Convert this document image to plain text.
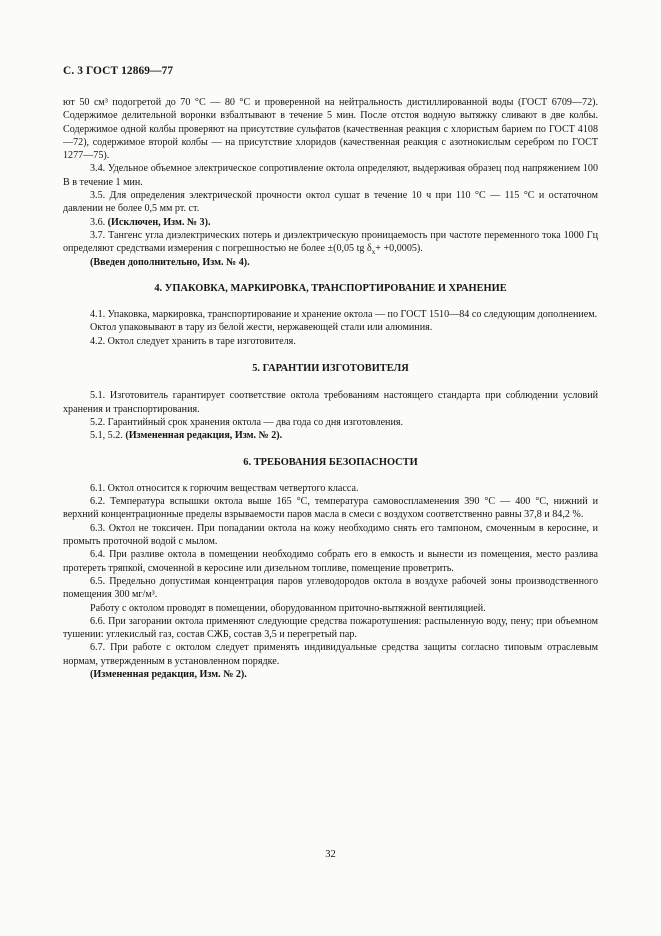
С. 3 ГОСТ 12869—77

ют 50 см³ подогретой до 70 °С — 80 °С и проверенной на нейтральность дистиллированной воды (ГОСТ 6709—72). Содержимое делительной воронки взбалтывают в течение 5 мин. После отстоя водную вытяжку сливают в две колбы. Содержимое одной колбы проверяют на присутствие сульфатов (качественная реакция с хлористым барием по ГОСТ 4108—72), содержимое второй колбы — на присутствие хлоридов (качественная реакция с азотнокислым серебром по ГОСТ 1277—75).

3.4. Удельное объемное электрическое сопротивление октола определяют, выдерживая образец под напряжением 100 В в течение 1 мин.

3.5. Для определения электрической прочности октол сушат в течение 10 ч при 110 °С — 115 °С и остаточном давлении не более 0,5 мм рт. ст.

3.6. (Исключен, Изм. № 3).

3.7. Тангенс угла диэлектрических потерь и диэлектрическую проницаемость при частоте переменного тока 1000 Гц определяют средствами измерения с погрешностью не более ±(0,05 tg $\delta_x+ +0,0005$).

(Введен дополнительно, Изм. № 4).

4. УПАКОВКА, МАРКИРОВКА, ТРАНСПОРТИРОВАНИЕ И ХРАНЕНИЕ

4.1. Упаковка, маркировка, транспортирование и хранение октола — по ГОСТ 1510—84 со следующим дополнением.

Октол упаковывают в тару из белой жести, нержавеющей стали или алюминия.

4.2. Октол следует хранить в таре изготовителя.

5. ГАРАНТИИ ИЗГОТОВИТЕЛЯ

5.1. Изготовитель гарантирует соответствие октола требованиям настоящего стандарта при соблюдении условий хранения и транспортирования.

5.2. Гарантийный срок хранения октола — два года со дня изготовления.

5.1, 5.2. (Измененная редакция, Изм. № 2).

6. ТРЕБОВАНИЯ БЕЗОПАСНОСТИ

6.1. Октол относится к горючим веществам четвертого класса.

6.2. Температура вспышки октола выше 165 °С, температура самовоспламенения 390 °С — 400 °С, нижний и верхний концентрационные пределы взрываемости паров масла в смеси с воздухом соответственно равны 37,8 и 84,2 %.

6.3. Октол не токсичен. При попадании октола на кожу необходимо снять его тампоном, смоченным в керосине, и промыть проточной водой с мылом.

6.4. При разливе октола в помещении необходимо собрать его в емкость и вынести из помещения, место разлива протереть тряпкой, смоченной в керосине или дизельном топливе, помещение проветрить.

6.5. Предельно допустимая концентрация паров углеводородов октола в воздухе рабочей зоны производственного помещения 300 мг/м³.

Работу с октолом проводят в помещении, оборудованном приточно-вытяжной вентиляцией.

6.6. При загорании октола применяют следующие средства пожаротушения: распыленную воду, пену; при объемном тушении: углекислый газ, состав СЖБ, состав 3,5 и перегретый пар.

6.7. При работе с октолом следует применять индивидуальные средства защиты согласно типовым отраслевым нормам, утвержденным в установленном порядке.

(Измененная редакция, Изм. № 2).

32
